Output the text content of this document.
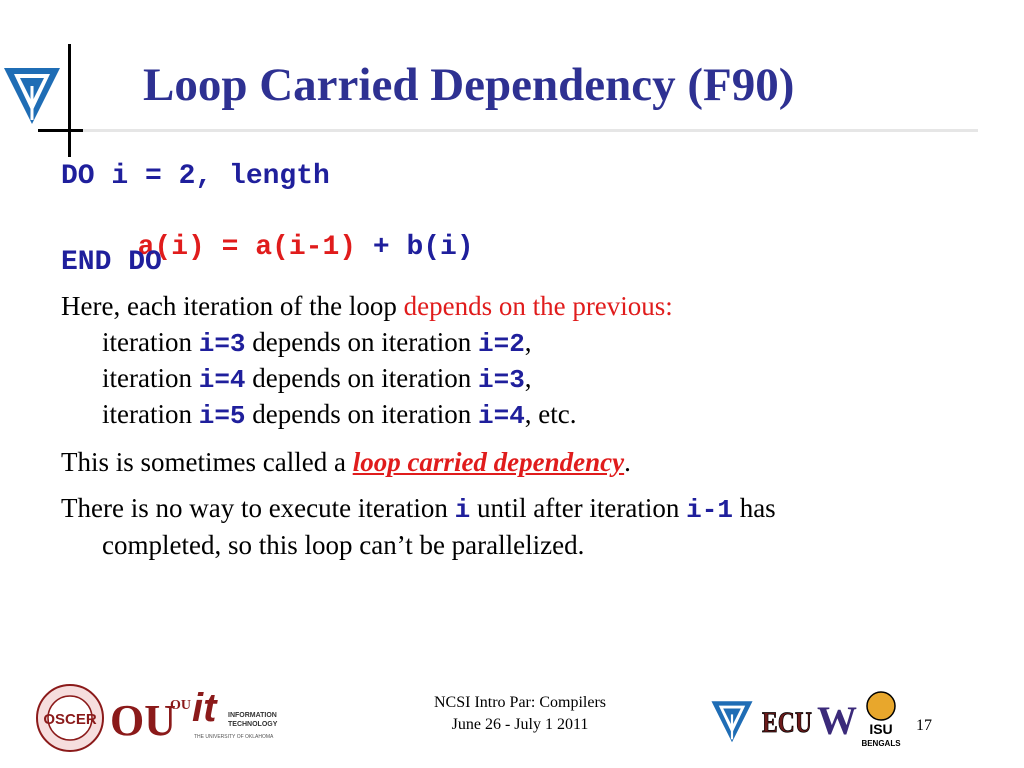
Loop Carried Dependency (F90)
DO i = 2, length

a(i) = a(i-1) + b(i)

END DO
Here, each iteration of the loop depends on the previous:
iteration i=3 depends on iteration i=2,
iteration i=4 depends on iteration i=3,
iteration i=5 depends on iteration i=4, etc.
This is sometimes called a loop carried dependency.
There is no way to execute iteration i until after iteration i-1 has
completed, so this loop can’t be parallelized.
OSCER OU
OU it INFORMATION
TECHNOLOGY
THE UNIVERSITY OF OKLAHOMA
NCSI Intro Par: Compilers
June 26 - July 1 2011	ECU W ISU
BENGALS
17
